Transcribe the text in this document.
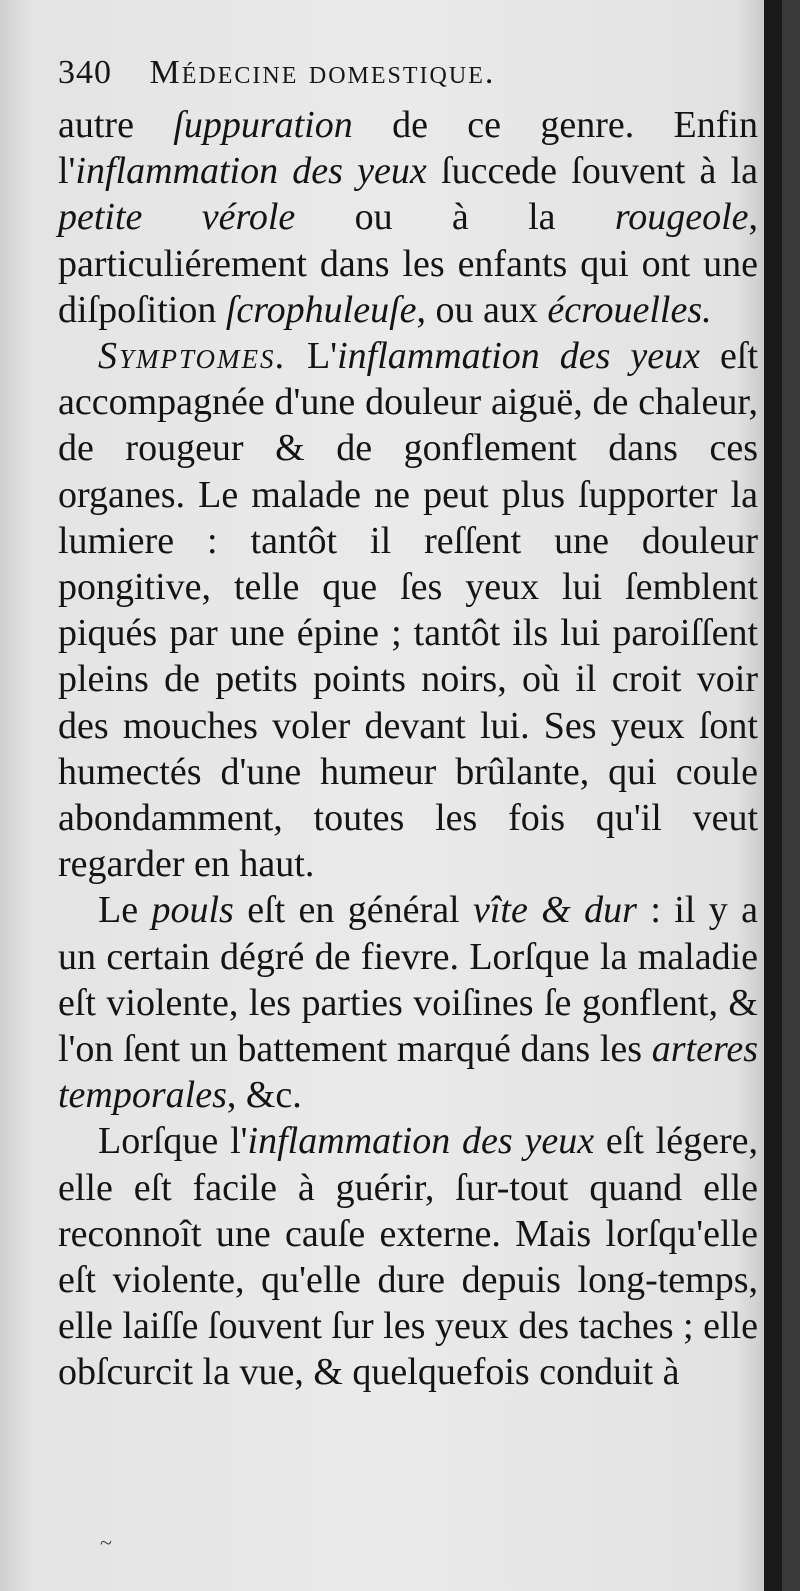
340 Médecine domestique.

autre ſuppuration de ce genre. Enfin l'inflammation des yeux ſuccede ſouvent à la petite vérole ou à la rougeole, particuliérement dans les enfants qui ont une diſpoſition ſcrophuleuſe, ou aux écrouelles.

Symptomes. L'inflammation des yeux eſt accompagnée d'une douleur aiguë, de chaleur, de rougeur & de gonflement dans ces organes. Le malade ne peut plus ſupporter la lumiere : tantôt il reſſent une douleur pongitive, telle que ſes yeux lui ſemblent piqués par une épine ; tantôt ils lui paroiſſent pleins de petits points noirs, où il croit voir des mouches voler devant lui. Ses yeux ſont humectés d'une humeur brûlante, qui coule abondamment, toutes les fois qu'il veut regarder en haut.

Le pouls eſt en général vîte & dur : il y a un certain dégré de fievre. Lorſque la maladie eſt violente, les parties voiſines ſe gonflent, & l'on ſent un battement marqué dans les arteres temporales, &c.

Lorſque l'inflammation des yeux eſt légere, elle eſt facile à guérir, ſur-tout quand elle reconnoît une cauſe externe. Mais lorſqu'elle eſt violente, qu'elle dure depuis long-temps, elle laiſſe ſouvent ſur les yeux des taches ; elle obſcurcit la vue, & quelquefois conduit à

~
